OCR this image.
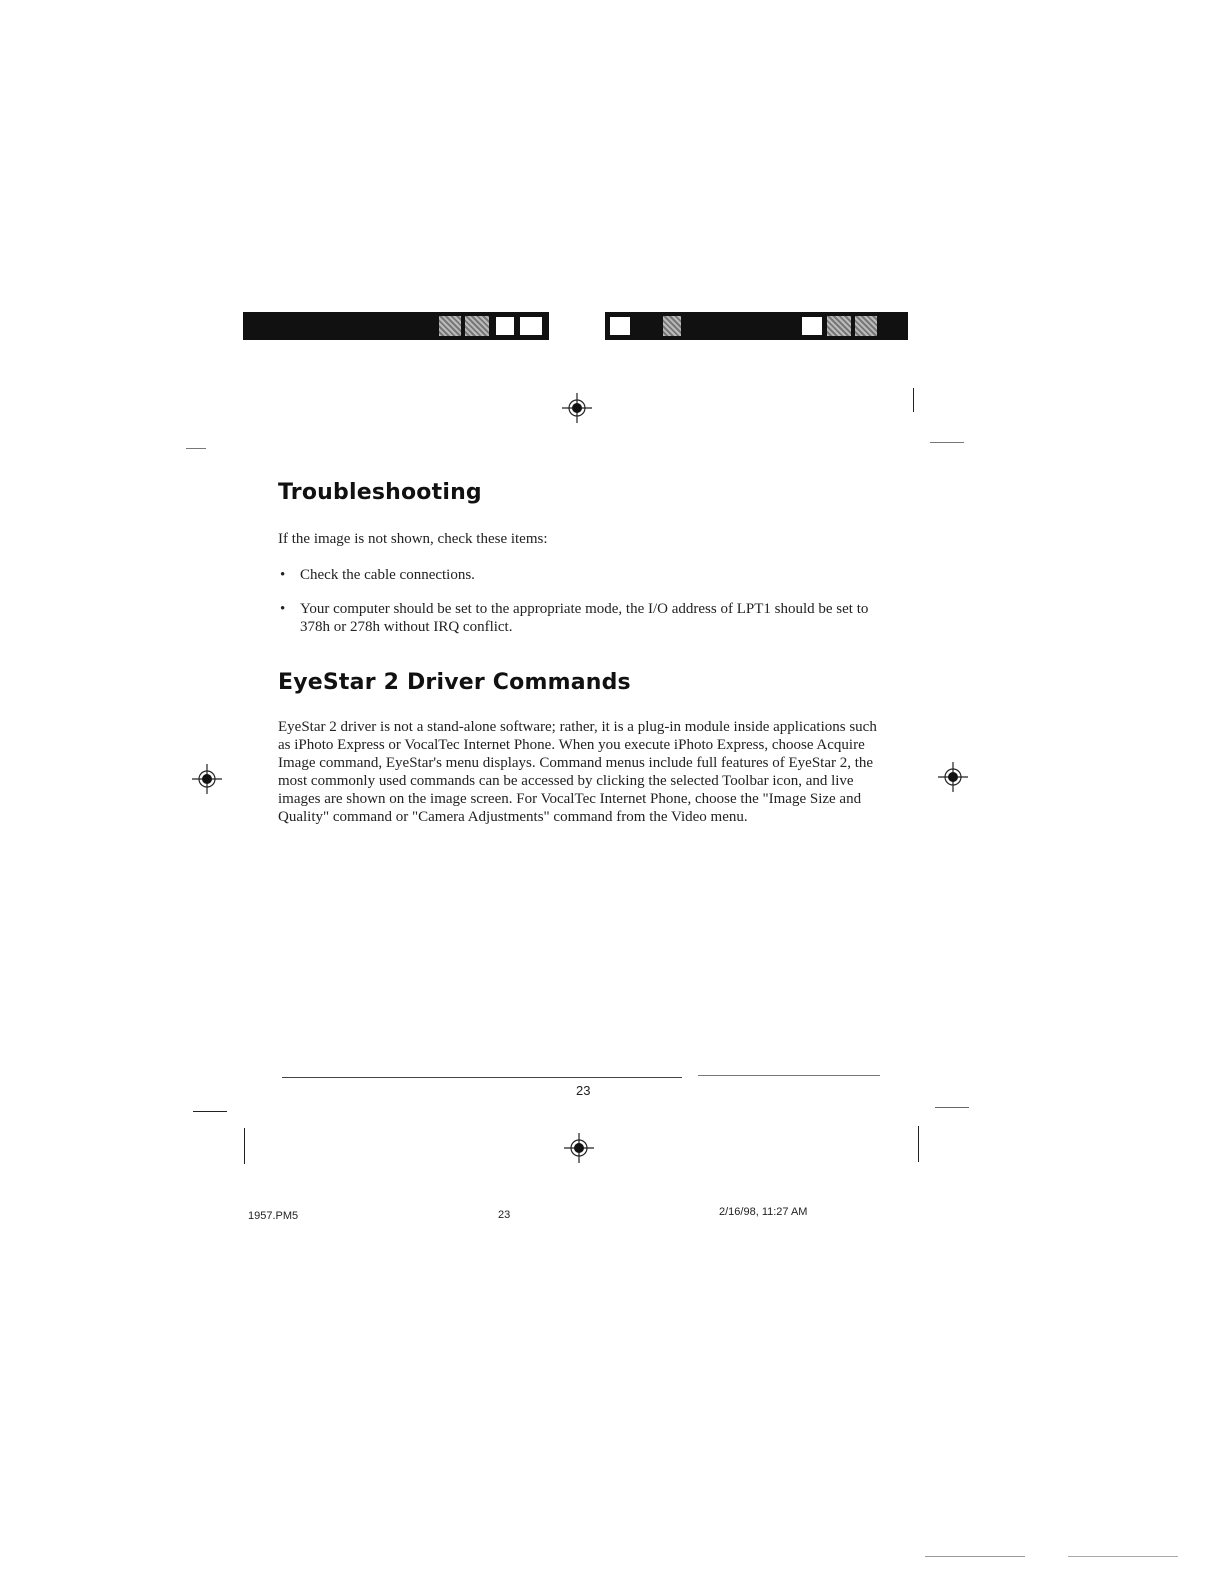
Troubleshooting

If the image is not shown, check these items:

• Check the cable connections.
• Your computer should be set to the appropriate mode, the I/O address of LPT1 should be set to 378h or 278h without IRQ conflict.
EyeStar 2 Driver Commands

EyeStar 2 driver is not a stand-alone software; rather, it is a plug-in module inside applications such as iPhoto Express or VocalTec Internet Phone. When you execute iPhoto Express, choose Acquire Image command, EyeStar's menu displays. Command menus include full features of EyeStar 2, the most commonly used commands can be accessed by clicking the selected Toolbar icon, and live images are shown on the image screen. For VocalTec Internet Phone, choose the "Image Size and Quality" command or "Camera Adjustments" command from the Video menu.

23
1957.PM5	23	2/16/98, 11:27 AM
